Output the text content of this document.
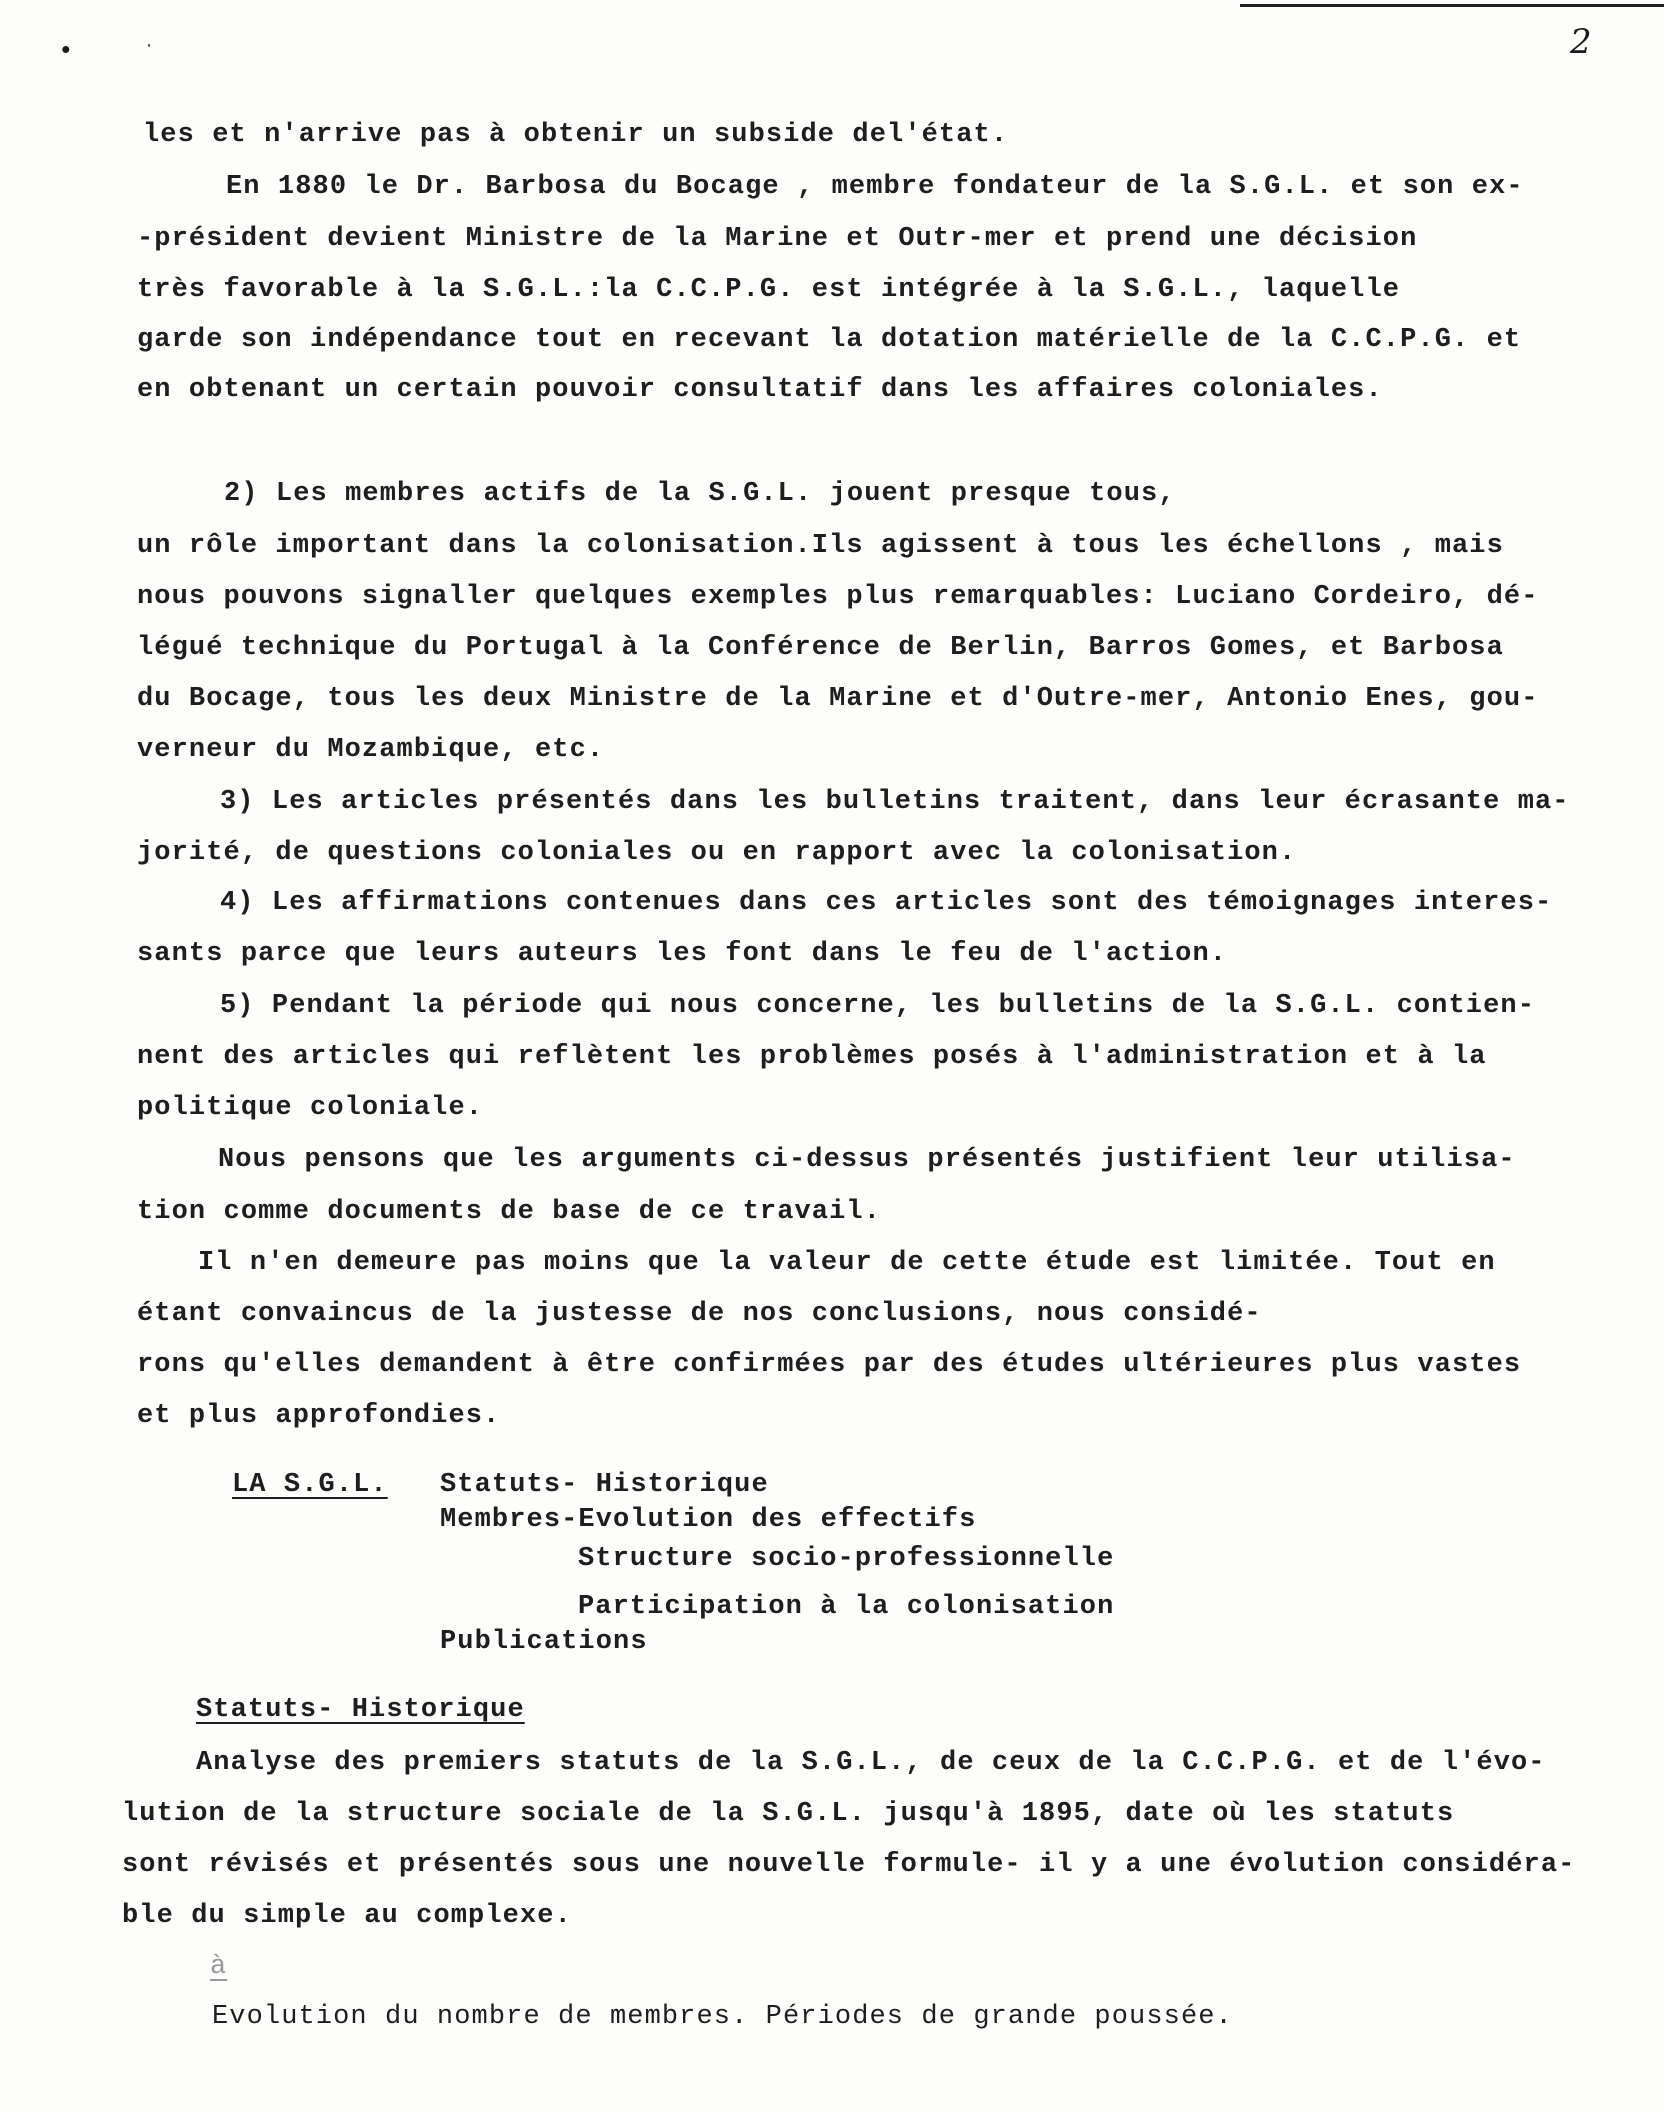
• ˑ	2
les et n'arrive pas à obtenir un subside del'état.
En 1880 le Dr. Barbosa du Bocage , membre fondateur de la S.G.L. et son ex-
-président devient Ministre de la Marine et Outr-mer et prend une décision
très favorable à la S.G.L.:la C.C.P.G. est intégrée à la S.G.L., laquelle
garde son indépendance tout en recevant la dotation matérielle de la C.C.P.G. et
en obtenant un certain pouvoir consultatif dans les affaires coloniales.
2) Les membres actifs de la S.G.L. jouent presque tous,
un rôle important dans la colonisation.Ils agissent à tous les échellons , mais
nous pouvons signaller quelques exemples plus remarquables: Luciano Cordeiro, dé-
légué technique du Portugal à la Conférence de Berlin, Barros Gomes, et Barbosa
du Bocage, tous les deux Ministre de la Marine et d'Outre-mer, Antonio Enes, gou-
verneur du Mozambique, etc.
3) Les articles présentés dans les bulletins traitent, dans leur écrasante ma-
jorité, de questions coloniales ou en rapport avec la colonisation.
4) Les affirmations contenues dans ces articles sont des témoignages interes-
sants parce que leurs auteurs les font dans le feu de l'action.
5) Pendant la période qui nous concerne, les bulletins de la S.G.L. contien-
nent des articles qui reflètent les problèmes posés à l'administration et à la
politique coloniale.
Nous pensons que les arguments ci-dessus présentés justifient leur utilisa-
tion comme documents de base de ce travail.
Il n'en demeure pas moins que la valeur de cette étude est limitée. Tout en
étant convaincus de la justesse de nos conclusions, nous considé-
rons qu'elles demandent à être confirmées par des études ultérieures plus vastes
et plus approfondies.
LA S.G.L. Statuts- Historique
Membres-Evolution des effectifs
Structure socio-professionnelle
Participation à la colonisation
Publications
Statuts- Historique
Analyse des premiers statuts de la S.G.L., de ceux de la C.C.P.G. et de l'évo-
lution de la structure sociale de la S.G.L. jusqu'à 1895, date où les statuts
sont révisés et présentés sous une nouvelle formule- il y a une évolution considéra-
ble du simple au complexe.
à
Evolution du nombre de membres. Périodes de grande poussée.
